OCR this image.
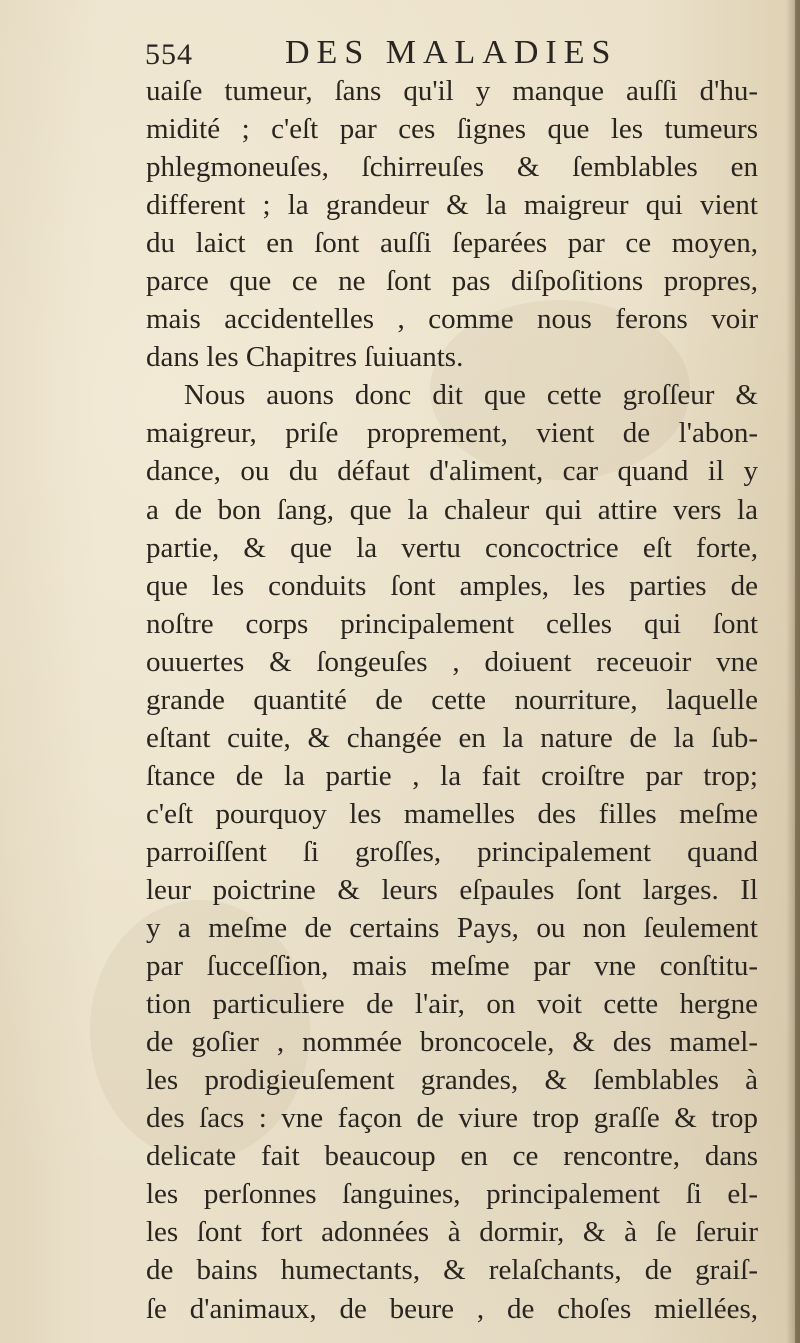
554	DES MALADIES
uaiſe tumeur, ſans qu'il y manque auſſi d'hu-
midité ; c'eſt par ces ſignes que les tumeurs
phlegmoneuſes, ſchirreuſes & ſemblables en
different ; la grandeur & la maigreur qui vient
du laict en ſont auſſi ſeparées par ce moyen,
parce que ce ne ſont pas diſpoſitions propres,
mais accidentelles , comme nous ferons voir
dans les Chapitres ſuiuants.
Nous auons donc dit que cette groſſeur &
maigreur, priſe proprement, vient de l'abon-
dance, ou du défaut d'aliment, car quand il y
a de bon ſang, que la chaleur qui attire vers la
partie, & que la vertu concoctrice eſt forte,
que les conduits ſont amples, les parties de
noſtre corps principalement celles qui ſont
ouuertes & ſongeuſes , doiuent receuoir vne
grande quantité de cette nourriture, laquelle
eſtant cuite, & changée en la nature de la ſub-
ſtance de la partie , la fait croiſtre par trop;
c'eſt pourquoy les mamelles des filles meſme
parroiſſent ſi groſſes, principalement quand
leur poictrine & leurs eſpaules ſont larges. Il
y a meſme de certains Pays, ou non ſeulement
par ſucceſſion, mais meſme par vne conſtitu-
tion particuliere de l'air, on voit cette hergne
de goſier , nommée broncocele, & des mamel-
les prodigieuſement grandes, & ſemblables à
des ſacs : vne façon de viure trop graſſe & trop
delicate fait beaucoup en ce rencontre, dans
les perſonnes ſanguines, principalement ſi el-
les ſont fort adonnées à dormir, & à ſe ſeruir
de bains humectants, & relaſchants, de graiſ-
ſe d'animaux, de beure , de choſes miellées,
